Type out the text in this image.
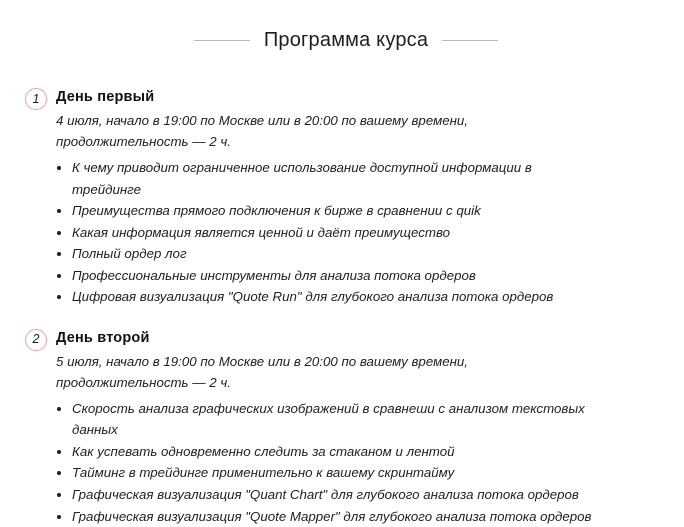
Программа курса
1	День первый

4 июля, начало в 19:00 по Москве или в 20:00 по вашему времени, продолжительность — 2 ч.

К чему приводит ограниченное использование доступной информации в трейдинге
Преимущества прямого подключения к бирже в сравнении с quik
Какая информация является ценной и даёт преимущество
Полный ордер лог
Профессиональные инструменты для анализа потока ордеров
Цифровая визуализация "Quote Run" для глубокого анализа потока ордеров
2	День второй

5 июля, начало в 19:00 по Москве или в 20:00 по вашему времени, продолжительность — 2 ч.

Скорость анализа графических изображений в сравнеши с анализом текстовых данных
Как успевать одновременно следить за стаканом и лентой
Тайминг в трейдинге применительно к вашему скринтайму
Графическая визуализация "Quant Chart" для глубокого анализа потока ордеров
Графическая визуализация "Quote Mapper" для глубокого анализа потока ордеров
